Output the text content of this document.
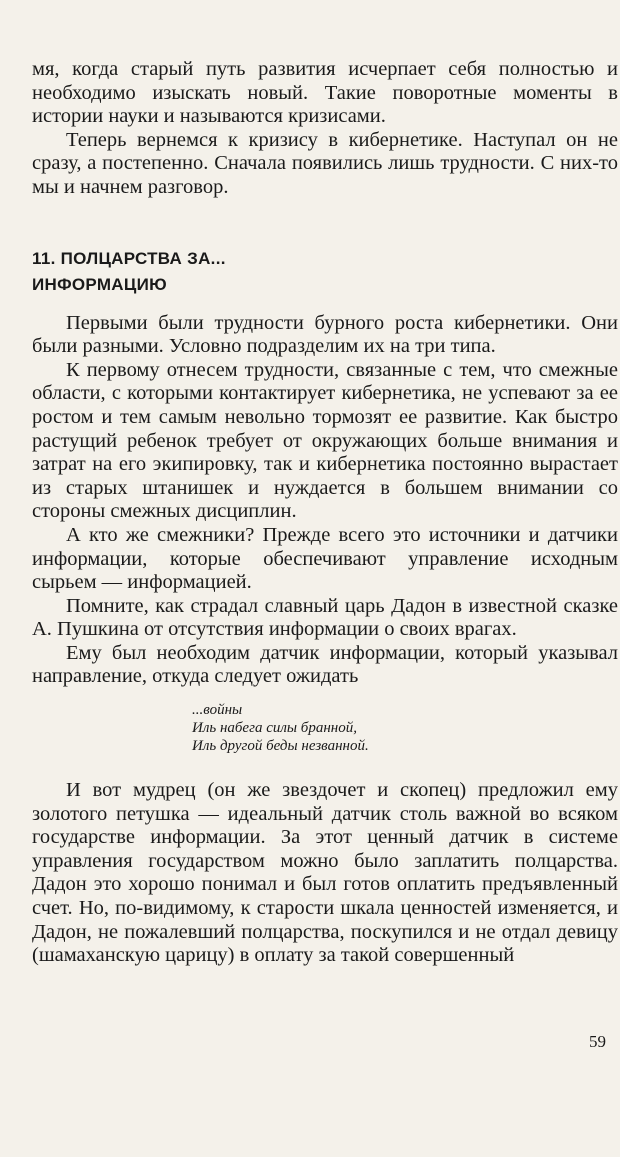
мя, когда старый путь развития исчерпает себя полностью и необходимо изыскать новый. Такие поворотные моменты в истории науки и называются кризисами.

Теперь вернемся к кризису в кибернетике. Наступал он не сразу, а постепенно. Сначала появились лишь трудности. С них-то мы и начнем разговор.

11. ПОЛЦАРСТВА ЗА...
ИНФОРМАЦИЮ

Первыми были трудности бурного роста кибернетики. Они были разными. Условно подразделим их на три типа.

К первому отнесем трудности, связанные с тем, что смежные области, с которыми контактирует кибернетика, не успевают за ее ростом и тем самым невольно тормозят ее развитие. Как быстро растущий ребенок требует от окружающих больше внимания и затрат на его экипировку, так и кибернетика постоянно вырастает из старых штанишек и нуждается в большем внимании со стороны смежных дисциплин.

А кто же смежники? Прежде всего это источники и датчики информации, которые обеспечивают управление исходным сырьем — информацией.

Помните, как страдал славный царь Дадон в известной сказке А. Пушкина от отсутствия информации о своих врагах.

Ему был необходим датчик информации, который указывал направление, откуда следует ожидать

...войны
Иль набега силы бранной,
Иль другой беды незванной.

И вот мудрец (он же звездочет и скопец) предложил ему золотого петушка — идеальный датчик столь важной во всяком государстве информации. За этот ценный датчик в системе управления государством можно было заплатить полцарства. Дадон это хорошо понимал и был готов оплатить предъявленный счет. Но, по-видимому, к старости шкала ценностей изменяется, и Дадон, не пожалевший полцарства, поскупился и не отдал девицу (шамаханскую царицу) в оплату за такой совершенный

59
